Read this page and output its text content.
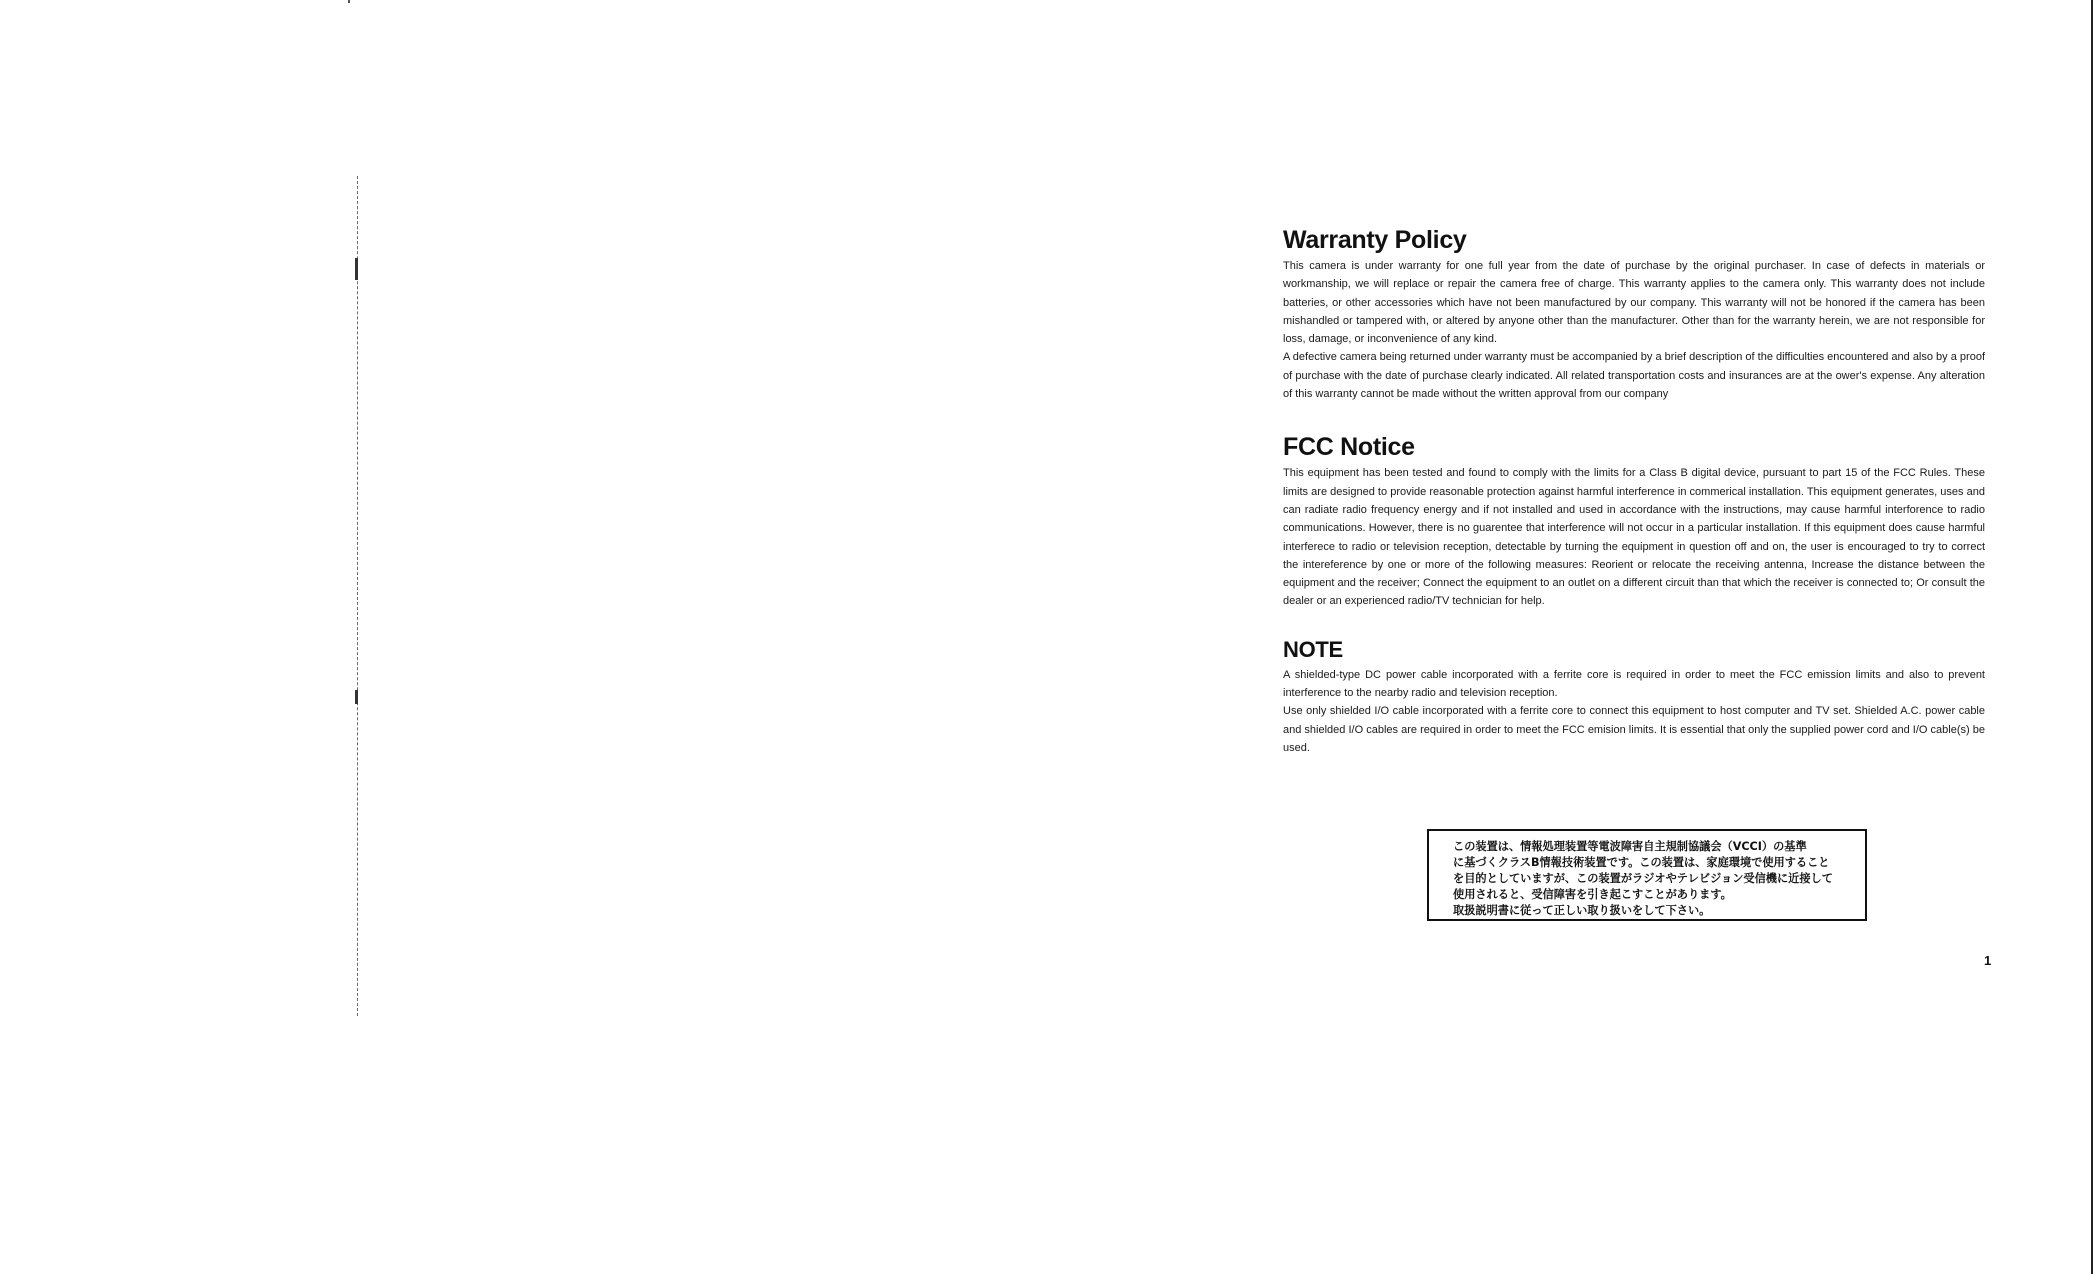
Warranty Policy

This camera is under warranty for one full year from the date of purchase by the original purchaser. In case of defects in materials or workmanship, we will replace or repair the camera free of charge. This warranty applies to the camera only. This warranty does not include batteries, or other accessories which have not been manufactured by our company. This warranty will not be honored if the camera has been mishandled or tampered with, or altered by anyone other than the manufacturer. Other than for the warranty herein, we are not responsible for loss, damage, or inconvenience of any kind.

A defective camera being returned under warranty must be accompanied by a brief description of the difficulties encountered and also by a proof of purchase with the date of purchase clearly indicated. All related transportation costs and insurances are at the ower's expense. Any alteration of this warranty cannot be made without the written approval from our company

FCC Notice

This equipment has been tested and found to comply with the limits for a Class B digital device, pursuant to part 15 of the FCC Rules. These limits are designed to provide reasonable protection against harmful interference in commerical installation. This equipment generates, uses and can radiate radio frequency energy and if not installed and used in accordance with the instructions, may cause harmful interforence to radio communications. However, there is no guarentee that interference will not occur in a particular installation. If this equipment does cause harmful interferece to radio or television reception, detectable by turning the equipment in question off and on, the user is encouraged to try to correct the intereference by one or more of the following measures: Reorient or relocate the receiving antenna, Increase the distance between the equipment and the receiver; Connect the equipment to an outlet on a different circuit than that which the receiver is connected to; Or consult the dealer or an experienced radio/TV technician for help.

NOTE

A shielded-type DC power cable incorporated with a ferrite core is required in order to meet the FCC emission limits and also to prevent interference to the nearby radio and television reception.

Use only shielded I/O cable incorporated with a ferrite core to connect this equipment to host computer and TV set. Shielded A.C. power cable and shielded I/O cables are required in order to meet the FCC emision limits. It is essential that only the supplied power cord and I/O cable(s) be used.

この装置は、情報処理装置等電波障害自主規制協議会（VCCI）の基準
に基づくクラスB情報技術装置です。この装置は、家庭環境で使用すること
を目的としていますが、この装置がラジオやテレビジョン受信機に近接して
使用されると、受信障害を引き起こすことがあります。
取扱説明書に従って正しい取り扱いをして下さい。
1
